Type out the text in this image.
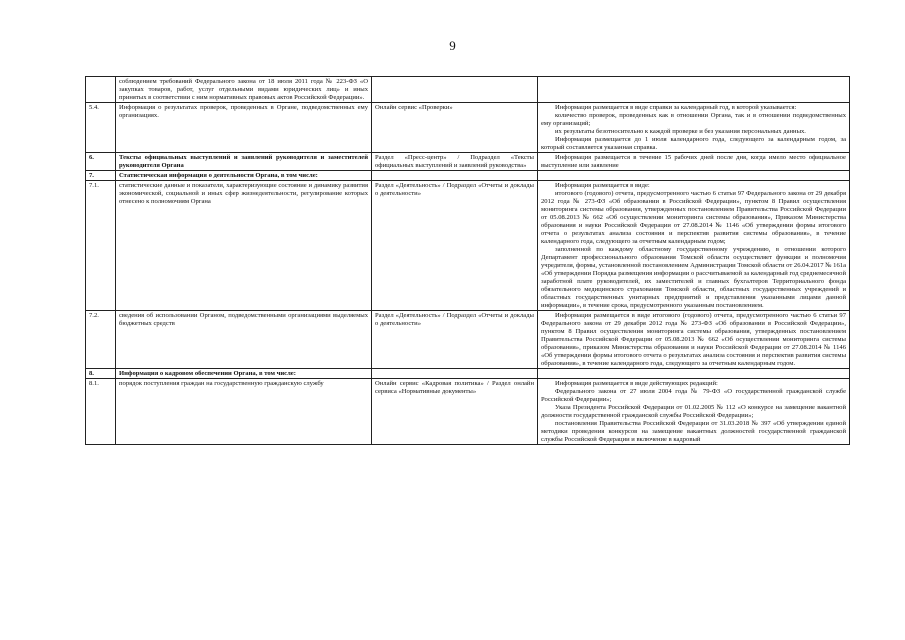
9
	соблюдением требований Федерального закона от 18 июля 2011 года № 223-ФЗ «О закупках товаров, работ, услуг отдельными видами юридических лиц» и иных принятых в соответствии с ним нормативных правовых актов Российской Федерации».		
5.4.	Информация о результатах проверок, проведенных в Органе, подведомственных ему организациях.	Онлайн сервис «Проверки»	Информация размещается в виде справки за календарный год, в которой указывается:

количество проверок, проведенных как в отношении Органа, так и в отношении подведомственных ему организаций;

их результаты безотносительно к каждой проверке и без указания персональных данных.

Информация размещается до 1 июля календарного года, следующего за календарным годом, за который составляется указанная справка.

6.	Тексты официальных выступлений и заявлений руководителя и заместителей руководителя Органа	Раздел «Пресс-центр» / Подраздел «Тексты официальных выступлений и заявлений руководства»	Информация размещается в течение 15 рабочих дней после дня, когда имело место официальное выступление или заявление

7.	Статистическая информация о деятельности Органа, в том числе:		
7.1.	статистические данные и показатели, характеризующие состояние и динамику развития экономической, социальной и иных сфер жизнедеятельности, регулирование которых отнесено к полномочиям Органа	Раздел «Деятельность» / Подраздел «Отчеты и доклады о деятельности»	Информация размещается в виде:

итогового (годового) отчета, предусмотренного частью 6 статьи 97 Федерального закона от 29 декабря 2012 года № 273-ФЗ «Об образовании в Российской Федерации», пунктом 8 Правил осуществления мониторинга системы образования, утвержденных постановлением Правительства Российской Федерации от 05.08.2013 № 662 «Об осуществлении мониторинга системы образования», Приказом Министерства образования и науки Российской Федерации от 27.08.2014 № 1146 «Об утверждении формы итогового отчета о результатах анализа состояния и перспектив развития системы образования», в течение календарного года, следующего за отчетным календарным годом;

заполненной по каждому областному государственному учреждению, в отношении которого Департамент профессионального образования Томской области осуществляет функции и полномочия учредителя, формы, установленной постановлением Администрации Томской области от 26.04.2017 № 161а «Об утверждении Порядка размещения информации о рассчитываемой за календарный год среднемесячной заработной плате руководителей, их заместителей и главных бухгалтеров Территориального фонда обязательного медицинского страхования Томской области, областных государственных учреждений и областных государственных унитарных предприятий и представления указанными лицами данной информации», в течение срока, предусмотренного указанным постановлением.

7.2.	сведения об использовании Органом, подведомственными организациями выделяемых бюджетных средств	Раздел «Деятельность» / Подраздел «Отчеты и доклады о деятельности»	Информация размещается в виде итогового (годового) отчета, предусмотренного частью 6 статьи 97 Федерального закона от 29 декабря 2012 года № 273-ФЗ «Об образовании в Российской Федерации», пунктом 8 Правил осуществления мониторинга системы образования, утвержденных постановлением Правительства Российской Федерации от 05.08.2013 № 662 «Об осуществлении мониторинга системы образования», приказом Министерства образования и науки Российской Федерации от 27.08.2014 № 1146 «Об утверждении формы итогового отчета о результатах анализа состояния и перспектив развития системы образования», в течение календарного года, следующего за отчетным календарным годом.

8.	Информация о кадровом обеспечении Органа, в том числе:		
8.1.	порядок поступления граждан на государственную гражданскую службу	Онлайн сервис «Кадровая политика» / Раздел онлайн сервиса «Нормативные документы»	Информация размещается в виде действующих редакций:

Федерального закона от 27 июля 2004 года № 79-ФЗ «О государственной гражданской службе Российской Федерации»;

Указа Президента Российской Федерации от 01.02.2005 № 112 «О конкурсе на замещение вакантной должности государственной гражданской службы Российской Федерации»;

постановления Правительства Российской Федерации от 31.03.2018 № 397 «Об утверждении единой методики проведения конкурсов на замещение вакантных должностей государственной гражданской службы Российской Федерации и включение в кадровый
